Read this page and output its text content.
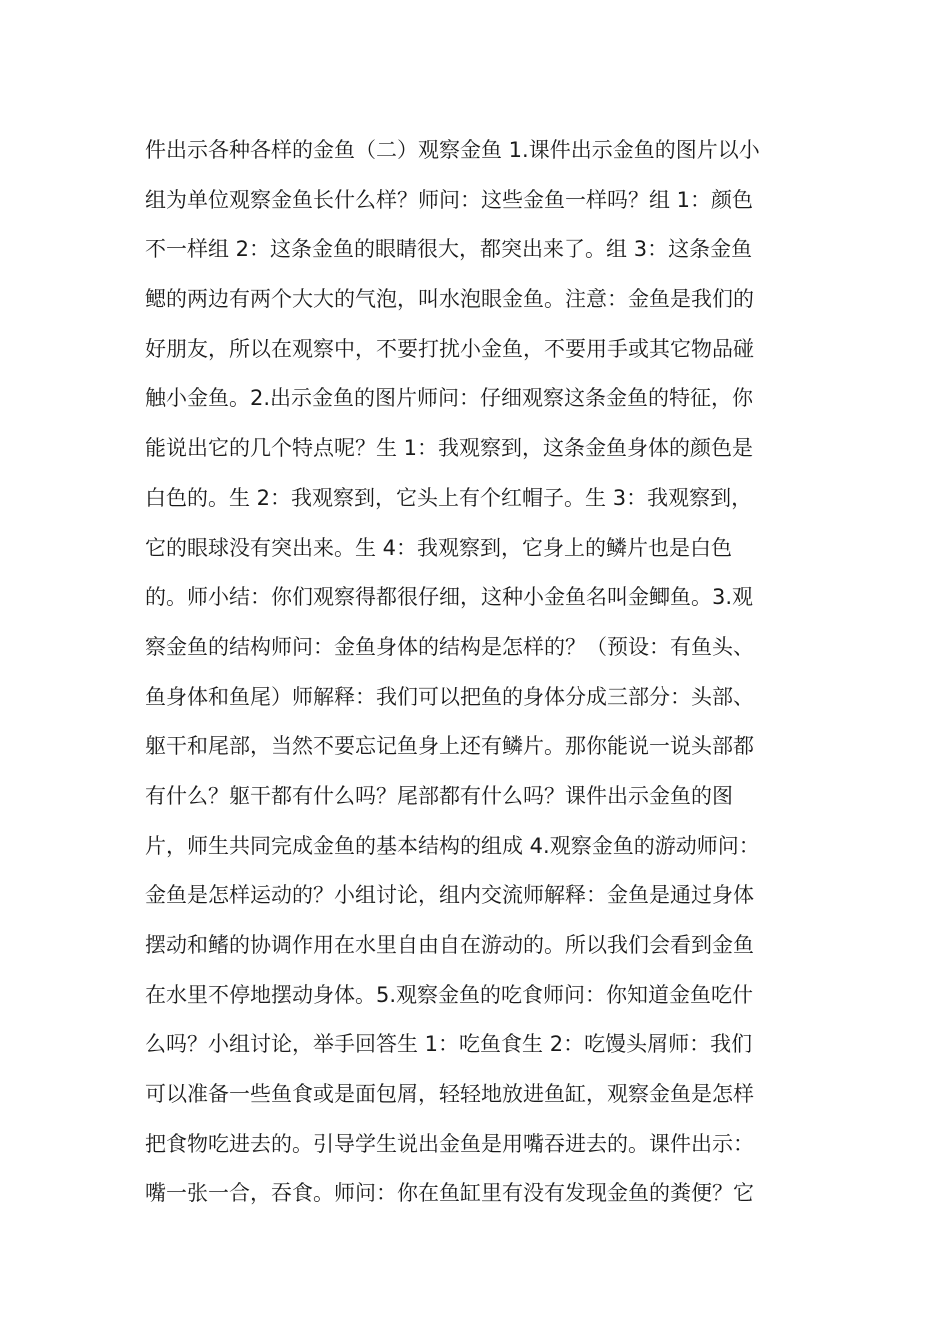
件出示各种各样的金鱼（二）观察金鱼 1.课件出示金鱼的图片以小
组为单位观察金鱼长什么样？师问：这些金鱼一样吗？组 1：颜色
不一样组 2：这条金鱼的眼睛很大，都突出来了。组 3：这条金鱼
鳃的两边有两个大大的气泡，叫水泡眼金鱼。注意：金鱼是我们的
好朋友，所以在观察中，不要打扰小金鱼，不要用手或其它物品碰
触小金鱼。2.出示金鱼的图片师问：仔细观察这条金鱼的特征，你
能说出它的几个特点呢？生 1：我观察到，这条金鱼身体的颜色是
白色的。生 2：我观察到，它头上有个红帽子。生 3：我观察到，
它的眼球没有突出来。生 4：我观察到，它身上的鳞片也是白色
的。师小结：你们观察得都很仔细，这种小金鱼名叫金鲫鱼。3.观
察金鱼的结构师问：金鱼身体的结构是怎样的？（预设：有鱼头、
鱼身体和鱼尾）师解释：我们可以把鱼的身体分成三部分：头部、
躯干和尾部，当然不要忘记鱼身上还有鳞片。那你能说一说头部都
有什么？躯干都有什么吗？尾部都有什么吗？课件出示金鱼的图
片，师生共同完成金鱼的基本结构的组成 4.观察金鱼的游动师问：
金鱼是怎样运动的？小组讨论，组内交流师解释：金鱼是通过身体
摆动和鳍的协调作用在水里自由自在游动的。所以我们会看到金鱼
在水里不停地摆动身体。5.观察金鱼的吃食师问：你知道金鱼吃什
么吗？小组讨论，举手回答生 1：吃鱼食生 2：吃馒头屑师：我们
可以准备一些鱼食或是面包屑，轻轻地放进鱼缸，观察金鱼是怎样
把食物吃进去的。引导学生说出金鱼是用嘴吞进去的。课件出示：
嘴一张一合，吞食。师问：你在鱼缸里有没有发现金鱼的粪便？它
